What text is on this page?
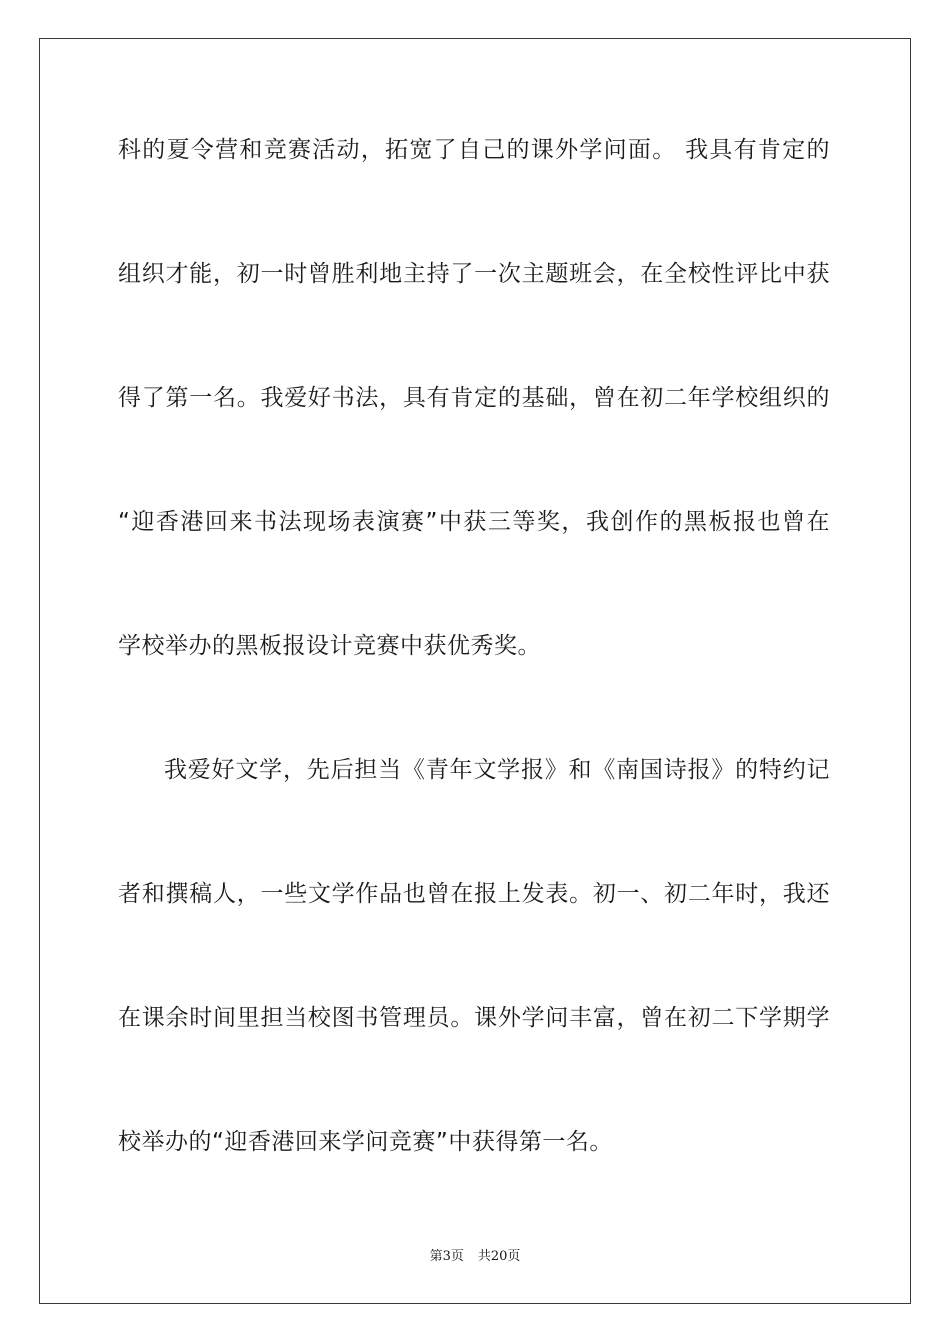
科的夏令营和竞赛活动，拓宽了自己的课外学问面。 我具有肯定的
组织才能，初一时曾胜利地主持了一次主题班会，在全校性评比中获
得了第一名。我爱好书法，具有肯定的基础，曾在初二年学校组织的
“迎香港回来书法现场表演赛”中获三等奖，我创作的黑板报也曾在
学校举办的黑板报设计竞赛中获优秀奖。
我爱好文学，先后担当《青年文学报》和《南国诗报》的特约记
者和撰稿人，一些文学作品也曾在报上发表。初一、初二年时，我还
在课余时间里担当校图书管理员。课外学问丰富，曾在初二下学期学
校举办的“迎香港回来学问竞赛”中获得第一名。
第3页 共20页
